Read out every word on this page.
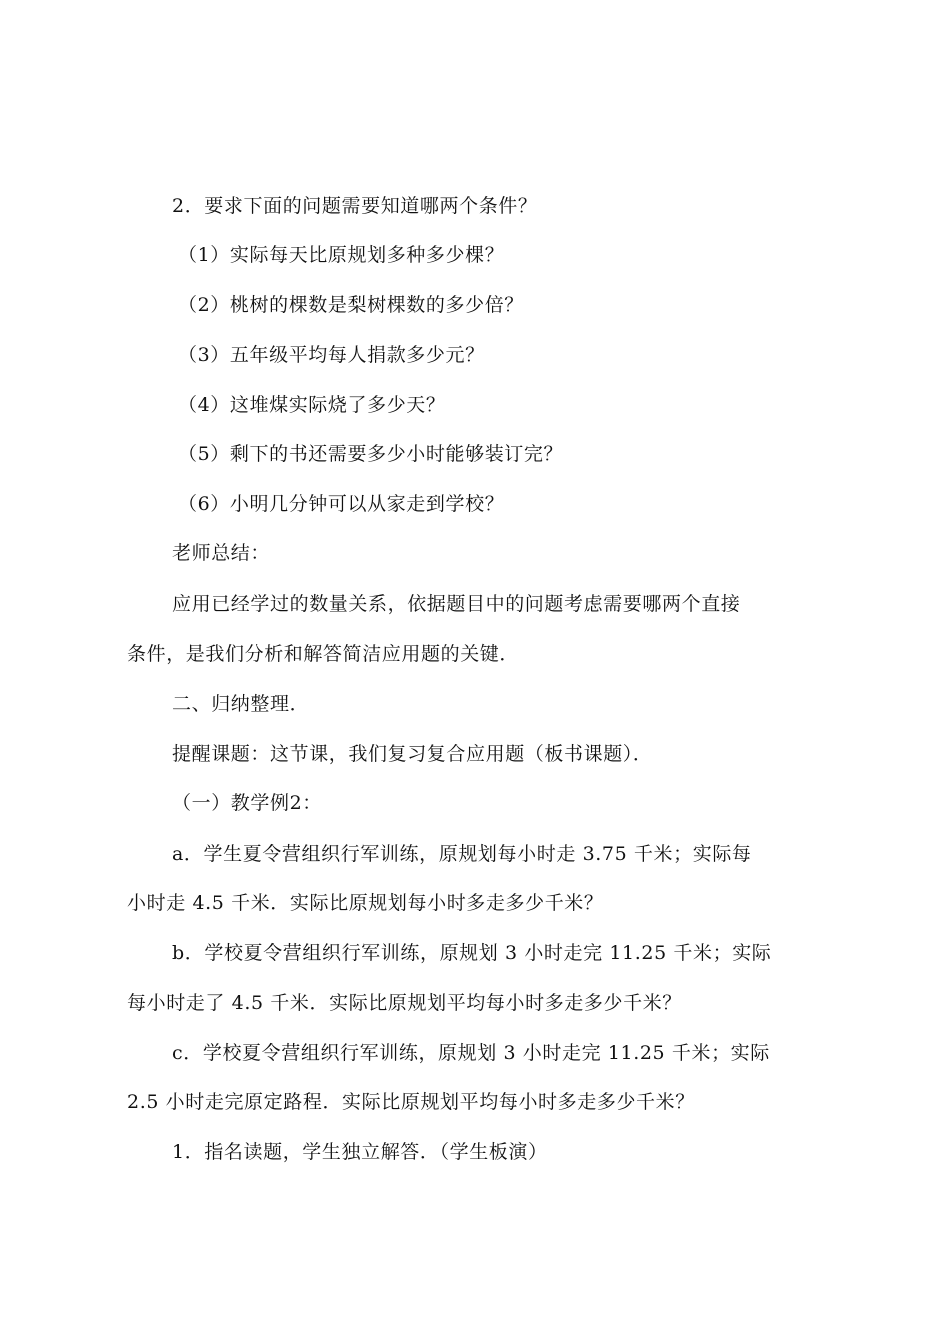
2．要求下面的问题需要知道哪两个条件？
（1）实际每天比原规划多种多少棵？
（2）桃树的棵数是梨树棵数的多少倍？
（3）五年级平均每人捐款多少元？
（4）这堆煤实际烧了多少天？
（5）剩下的书还需要多少小时能够装订完？
（6）小明几分钟可以从家走到学校？
老师总结：
应用已经学过的数量关系，依据题目中的问题考虑需要哪两个直接
条件，是我们分析和解答简洁应用题的关键．
二、归纳整理．
提醒课题：这节课，我们复习复合应用题（板书课题）．
（一）教学例2：
a．学生夏令营组织行军训练，原规划每小时走 3.75 千米；实际每
小时走 4.5 千米．实际比原规划每小时多走多少千米？
b．学校夏令营组织行军训练，原规划 3 小时走完 11.25 千米；实际
每小时走了 4.5 千米．实际比原规划平均每小时多走多少千米？
c．学校夏令营组织行军训练，原规划 3 小时走完 11.25 千米；实际
2.5 小时走完原定路程．实际比原规划平均每小时多走多少千米？
1．指名读题，学生独立解答．（学生板演）
